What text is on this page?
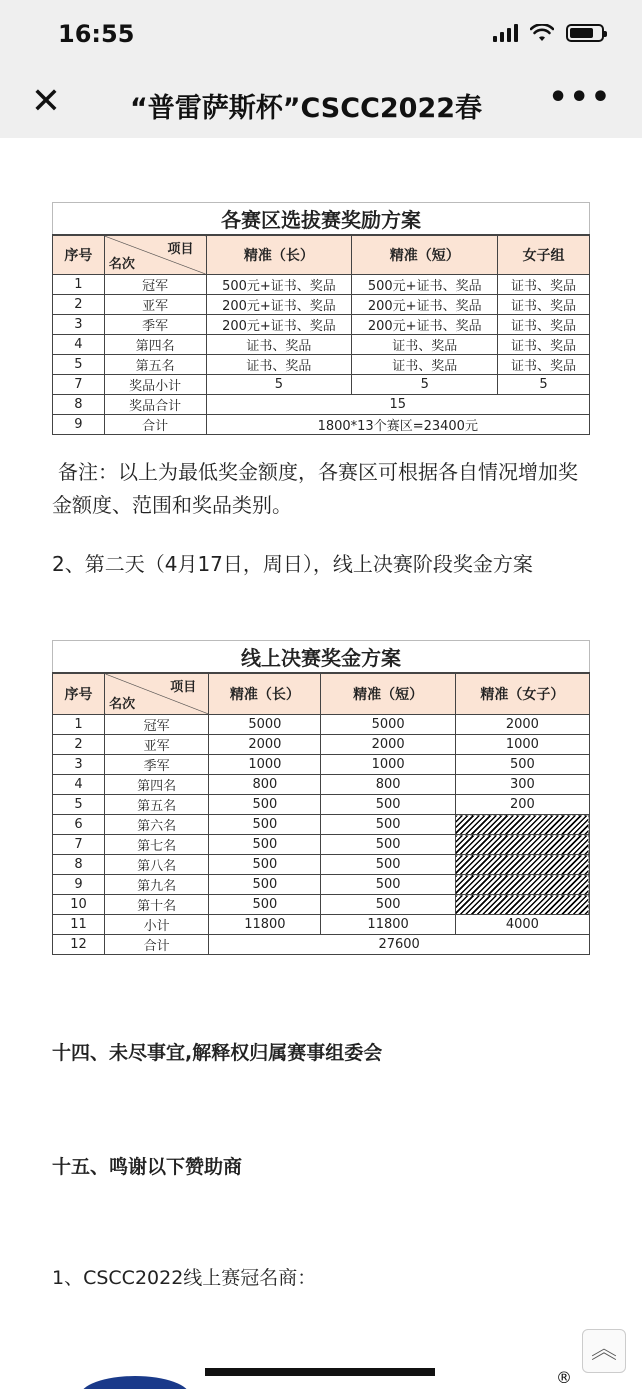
16:55
✕	“普雷萨斯杯”CSCC2022春	•••
各赛区选拔赛奖励方案				
序号	项目
名次	精准（长）	精准（短）	女子组
1	冠军	500元+证书、奖品	500元+证书、奖品	证书、奖品
2	亚军	200元+证书、奖品	200元+证书、奖品	证书、奖品
3	季军	200元+证书、奖品	200元+证书、奖品	证书、奖品
4	第四名	证书、奖品	证书、奖品	证书、奖品
5	第五名	证书、奖品	证书、奖品	证书、奖品
7	奖品小计	5	5	5
8	奖品合计	15		
9	合计	1800*13个赛区=23400元		
备注：以上为最低奖金额度，各赛区可根据各自情况增加奖金额度、范围和奖品类别。
2、第二天（4月17日，周日），线上决赛阶段奖金方案
线上决赛奖金方案				
序号	项目
名次	精准（长）	精准（短）	精准（女子）
1	冠军	5000	5000	2000
2	亚军	2000	2000	1000
3	季军	1000	1000	500
4	第四名	800	800	300
5	第五名	500	500	200
6	第六名	500	500	
7	第七名	500	500	
8	第八名	500	500	
9	第九名	500	500	
10	第十名	500	500	
11	小计	11800	11800	4000
12	合计	27600		
十四、未尽事宜,解释权归属赛事组委会
十五、鸣谢以下赞助商
1、CSCC2022线上赛冠名商：
®
︽
